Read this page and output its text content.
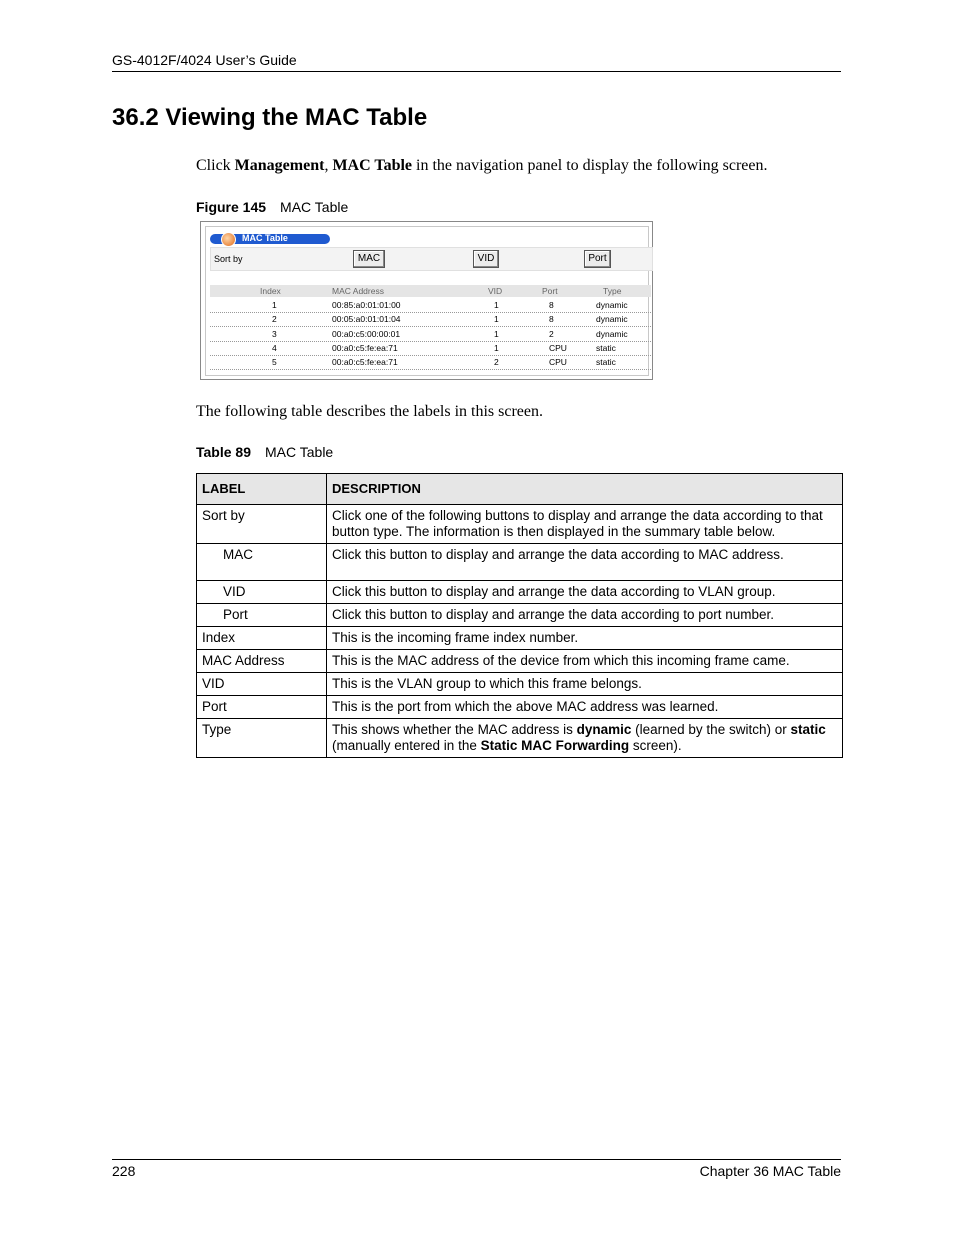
GS-4012F/4024 User’s Guide
36.2 Viewing the MAC Table
Click Management, MAC Table in the navigation panel to display the following screen.
Figure 145 MAC Table
MAC Table
Sort by	MAC	VID	Port
Index	MAC Address	VID	Port	Type
1	00:85:a0:01:01:00	1	8	dynamic
2	00:05:a0:01:01:04	1	8	dynamic
3	00:a0:c5:00:00:01	1	2	dynamic
4	00:a0:c5:fe:ea:71	1	CPU	static
5	00:a0:c5:fe:ea:71	2	CPU	static
The following table describes the labels in this screen.
Table 89 MAC Table
LABEL	DESCRIPTION
Sort by	Click one of the following buttons to display and arrange the data according to that button type. The information is then displayed in the summary table below.
MAC	Click this button to display and arrange the data according to MAC address.
VID	Click this button to display and arrange the data according to VLAN group.
Port	Click this button to display and arrange the data according to port number.
Index	This is the incoming frame index number.
MAC Address	This is the MAC address of the device from which this incoming frame came.
VID	This is the VLAN group to which this frame belongs.
Port	This is the port from which the above MAC address was learned.
Type	This shows whether the MAC address is dynamic (learned by the switch) or static (manually entered in the Static MAC Forwarding screen).
228	Chapter 36 MAC Table
